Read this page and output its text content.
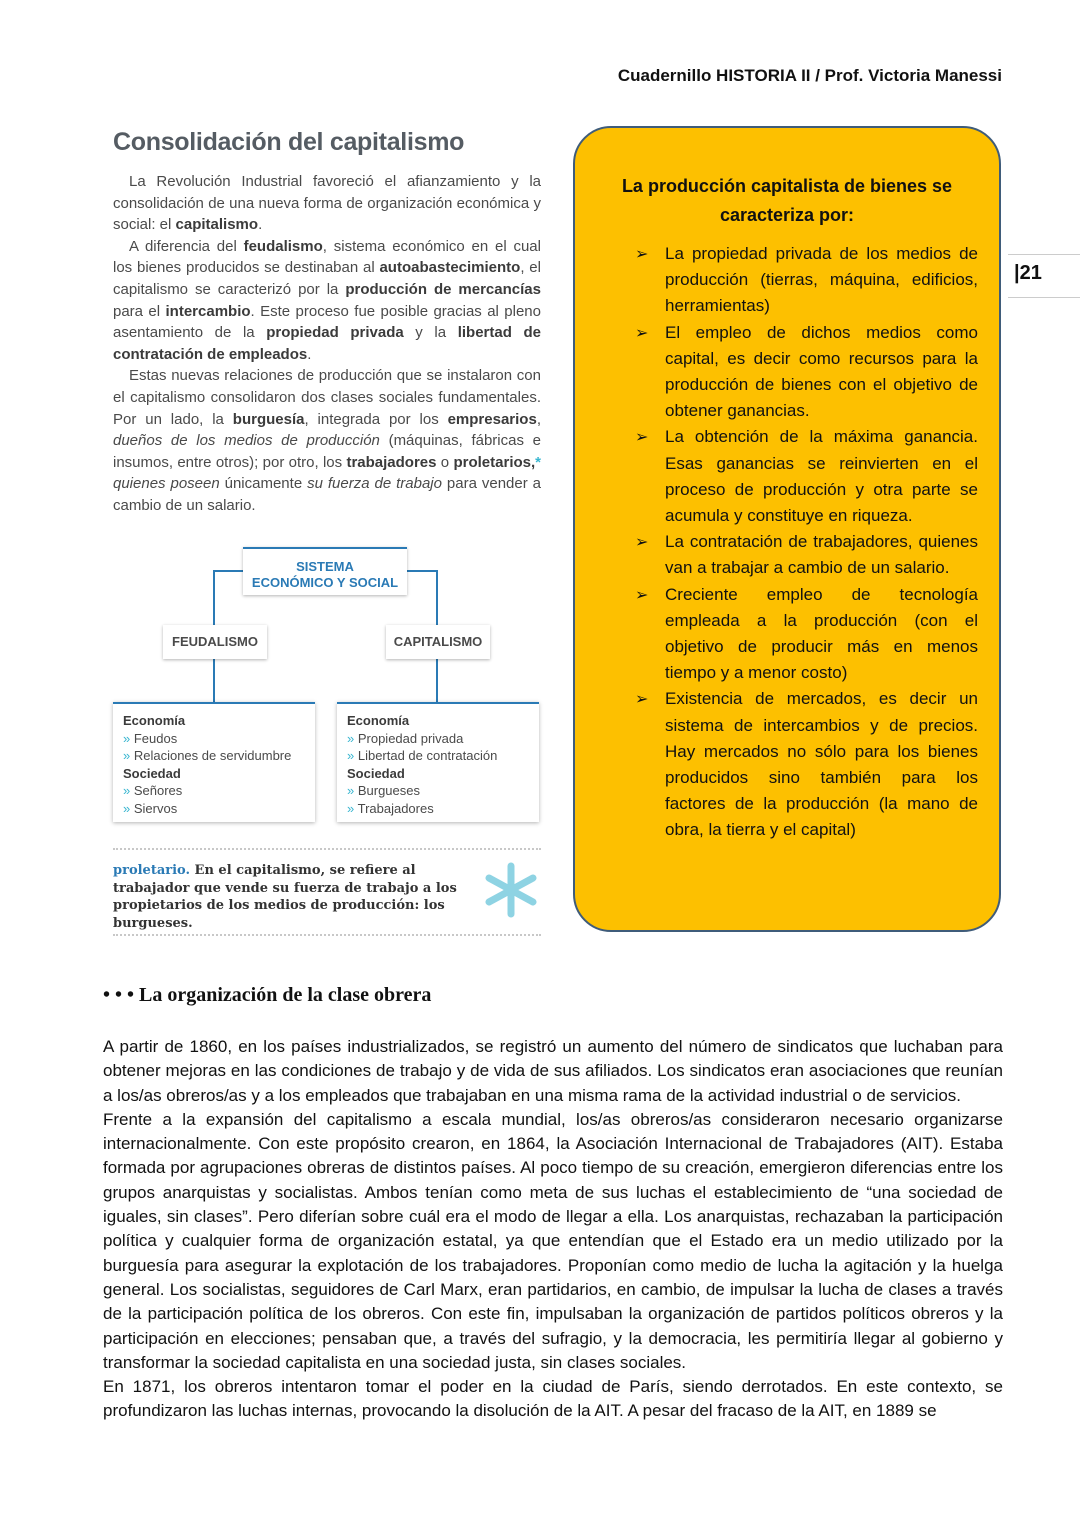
Cuadernillo HISTORIA II / Prof. Victoria Manessi
|21
Consolidación del capitalismo

La Revolución Industrial favoreció el afianzamiento y la consolidación de una nueva forma de organización económica y social: el capitalismo.

A diferencia del feudalismo, sistema económico en el cual los bienes producidos se destinaban al autoabastecimiento, el capitalismo se caracterizó por la producción de mercancías para el intercambio. Este proceso fue posible gracias al pleno asentamiento de la propiedad privada y la libertad de contratación de empleados.

Estas nuevas relaciones de producción que se instalaron con el capitalismo consolidaron dos clases sociales fundamentales. Por un lado, la burguesía, integrada por los empresarios, dueños de los medios de producción (máquinas, fábricas e insumos, entre otros); por otro, los trabajadores o proletarios,* quienes poseen únicamente su fuerza de trabajo para vender a cambio de un salario.

SISTEMA
ECONÓMICO Y SOCIAL
FEUDALISMO	CAPITALISMO
Economía
» Feudos
» Relaciones de servidumbre
Sociedad
» Señores
» Siervos
Economía
» Propiedad privada
» Libertad de contratación
Sociedad
» Burgueses
» Trabajadores
proletario. En el capitalismo, se refiere al trabajador que vende su fuerza de trabajo a los propietarios de los medios de producción: los burgueses.
La producción capitalista de bienes se
caracteriza por:
➢
La propiedad privada de los medios de producción (tierras, máquina, edificios, herramientas)
➢
El empleo de dichos medios como capital, es decir como recursos para la producción de bienes con el objetivo de obtener ganancias.
➢
La obtención de la máxima ganancia. Esas ganancias se reinvierten en el proceso de producción y otra parte se acumula y constituye en riqueza.
➢
La contratación de trabajadores, quienes van a trabajar a cambio de un salario.
➢
Creciente empleo de tecnología empleada a la producción (con el objetivo de producir más en menos tiempo y a menor costo)
➢
Existencia de mercados, es decir un sistema de intercambios y de precios. Hay mercados no sólo para los bienes producidos sino también para los factores de la producción (la mano de obra, la tierra y el capital)
• • • La organización de la clase obrera

A partir de 1860, en los países industrializados, se registró un aumento del número de sindicatos que luchaban para obtener mejoras en las condiciones de trabajo y de vida de sus afiliados. Los sindicatos eran asociaciones que reunían a los/as obreros/as y a los empleados que trabajaban en una misma rama de la actividad industrial o de servicios.

Frente a la expansión del capitalismo a escala mundial, los/as obreros/as consideraron necesario organizarse internacionalmente. Con este propósito crearon, en 1864, la Asociación Internacional de Trabajadores (AIT). Estaba formada por agrupaciones obreras de distintos países. Al poco tiempo de su creación, emergieron diferencias entre los grupos anarquistas y socialistas. Ambos tenían como meta de sus luchas el establecimiento de “una sociedad de iguales, sin clases”. Pero diferían sobre cuál era el modo de llegar a ella. Los anarquistas, rechazaban la participación política y cualquier forma de organización estatal, ya que entendían que el Estado era un medio utilizado por la burguesía para asegurar la explotación de los trabajadores. Proponían como medio de lucha la agitación y la huelga general. Los socialistas, seguidores de Carl Marx, eran partidarios, en cambio, de impulsar la lucha de clases a través de la participación política de los obreros. Con este fin, impulsaban la organización de partidos políticos obreros y la participación en elecciones; pensaban que, a través del sufragio, y la democracia, les permitiría llegar al gobierno y transformar la sociedad capitalista en una sociedad justa, sin clases sociales.

En 1871, los obreros intentaron tomar el poder en la ciudad de París, siendo derrotados. En este contexto, se profundizaron las luchas internas, provocando la disolución de la AIT. A pesar del fracaso de la AIT, en 1889 se
